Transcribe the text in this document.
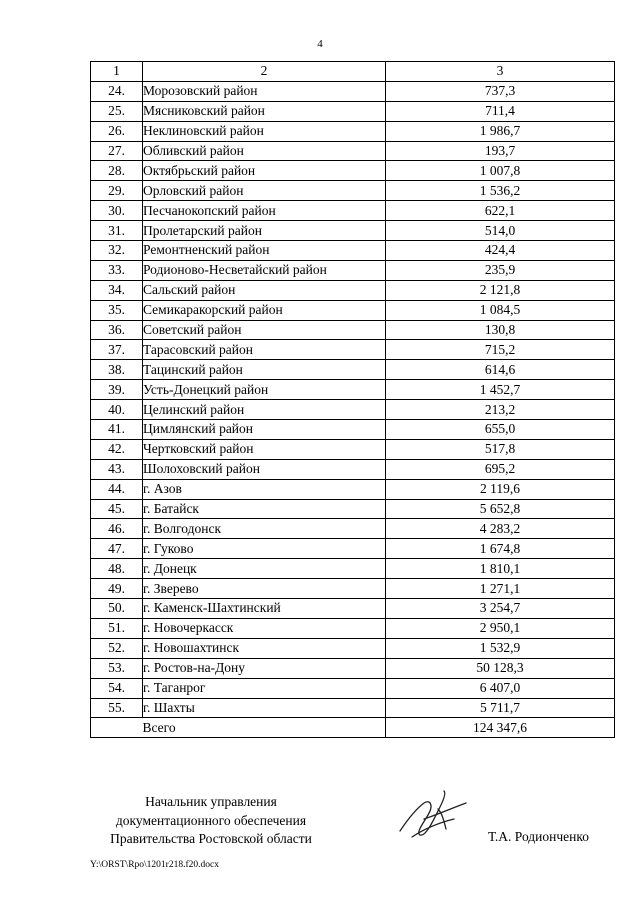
4
1	2	3
24.	Морозовский район	737,3
25.	Мясниковский район	711,4
26.	Неклиновский район	1 986,7
27.	Обливский район	193,7
28.	Октябрьский район	1 007,8
29.	Орловский район	1 536,2
30.	Песчанокопский район	622,1
31.	Пролетарский район	514,0
32.	Ремонтненский район	424,4
33.	Родионово-Несветайский район	235,9
34.	Сальский район	2 121,8
35.	Семикаракорский район	1 084,5
36.	Советский район	130,8
37.	Тарасовский район	715,2
38.	Тацинский район	614,6
39.	Усть-Донецкий район	1 452,7
40.	Целинский район	213,2
41.	Цимлянский район	655,0
42.	Чертковский район	517,8
43.	Шолоховский район	695,2
44.	г. Азов	2 119,6
45.	г. Батайск	5 652,8
46.	г. Волгодонск	4 283,2
47.	г. Гуково	1 674,8
48.	г. Донецк	1 810,1
49.	г. Зверево	1 271,1
50.	г. Каменск-Шахтинский	3 254,7
51.	г. Новочеркасск	2 950,1
52.	г. Новошахтинск	1 532,9
53.	г. Ростов-на-Дону	50 128,3
54.	г. Таганрог	6 407,0
55.	г. Шахты	5 711,7
	Всего	124 347,6
Начальник управления
документационного обеспечения
Правительства Ростовской области	Т.А. Родионченко
Y:\ORST\Rpo\1201r218.f20.docx
